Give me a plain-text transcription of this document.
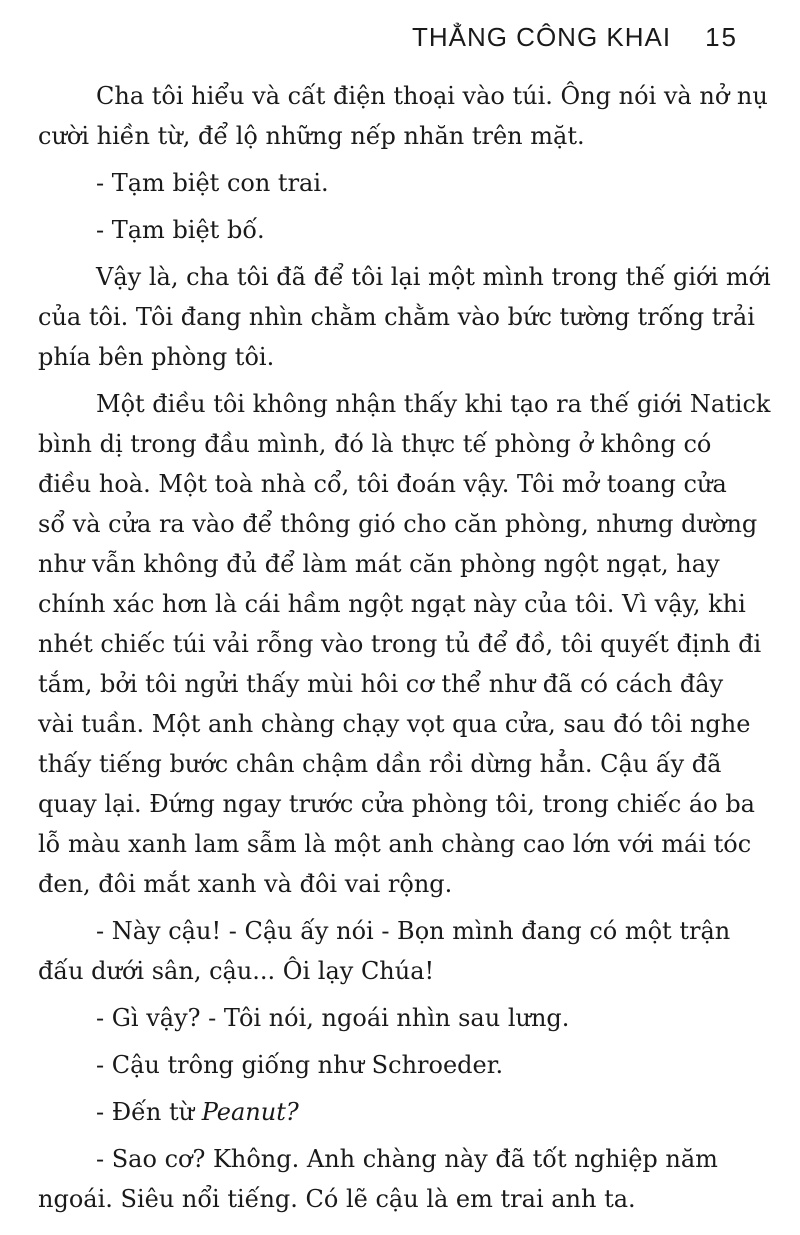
THẲNG CÔNG KHAI 15

Cha tôi hiểu và cất điện thoại vào túi. Ông nói và nở nụ
cười hiền từ, để lộ những nếp nhăn trên mặt.

- Tạm biệt con trai.

- Tạm biệt bố.

Vậy là, cha tôi đã để tôi lại một mình trong thế giới mới
của tôi. Tôi đang nhìn chằm chằm vào bức tường trống trải
phía bên phòng tôi.

Một điều tôi không nhận thấy khi tạo ra thế giới Natick
bình dị trong đầu mình, đó là thực tế phòng ở không có
điều hoà. Một toà nhà cổ, tôi đoán vậy. Tôi mở toang cửa
sổ và cửa ra vào để thông gió cho căn phòng, nhưng dường
như vẫn không đủ để làm mát căn phòng ngột ngạt, hay
chính xác hơn là cái hầm ngột ngạt này của tôi. Vì vậy, khi
nhét chiếc túi vải rỗng vào trong tủ để đồ, tôi quyết định đi
tắm, bởi tôi ngửi thấy mùi hôi cơ thể như đã có cách đây
vài tuần. Một anh chàng chạy vọt qua cửa, sau đó tôi nghe
thấy tiếng bước chân chậm dần rồi dừng hẳn. Cậu ấy đã
quay lại. Đứng ngay trước cửa phòng tôi, trong chiếc áo ba
lỗ màu xanh lam sẫm là một anh chàng cao lớn với mái tóc
đen, đôi mắt xanh và đôi vai rộng.

- Này cậu! - Cậu ấy nói - Bọn mình đang có một trận
đấu dưới sân, cậu... Ôi lạy Chúa!

- Gì vậy? - Tôi nói, ngoái nhìn sau lưng.

- Cậu trông giống như Schroeder.

- Đến từ Peanut?

- Sao cơ? Không. Anh chàng này đã tốt nghiệp năm
ngoái. Siêu nổi tiếng. Có lẽ cậu là em trai anh ta.
